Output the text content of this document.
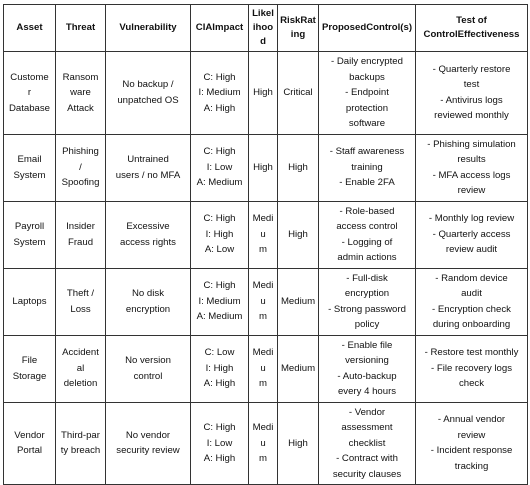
Asset	Threat	Vulnerability	CIAImpact	Likelihood	RiskRating	ProposedControl(s)	Test of ControlEffectiveness

Custome
r
Database	Ransom
ware
Attack	No backup /
unpatched OS	C: High
I: Medium
A: High	High	Critical	- Daily encrypted
backups
- Endpoint
protection
software	- Quarterly restore
test
- Antivirus logs
reviewed monthly

Email
System	Phishing
/
Spoofing	Untrained
users / no MFA	C: High
I: Low
A: Medium	High	High	- Staff awareness
training
- Enable 2FA	- Phishing simulation
results
- MFA access logs
review

Payroll
System	Insider
Fraud	Excessive
access rights	C: High
I: High
A: Low	Mediu
m	High	- Role-based
access control
- Logging of
admin actions	- Monthly log review
- Quarterly access
review audit

Laptops	Theft /
Loss	No disk
encryption	C: High
I: Medium
A: Medium	Mediu
m	Medium	- Full-disk
encryption
- Strong password
policy	- Random device
audit
- Encryption check
during onboarding

File
Storage	Accident
al
deletion	No version
control	C: Low
I: High
A: High	Mediu
m	Medium	- Enable file
versioning
- Auto-backup
every 4 hours	- Restore test monthly
- File recovery logs
check

Vendor
Portal	Third-par
ty breach	No vendor
security review	C: High
I: Low
A: High	Mediu
m	High	- Vendor
assessment
checklist
- Contract with
security clauses	- Annual vendor
review
- Incident response
tracking
